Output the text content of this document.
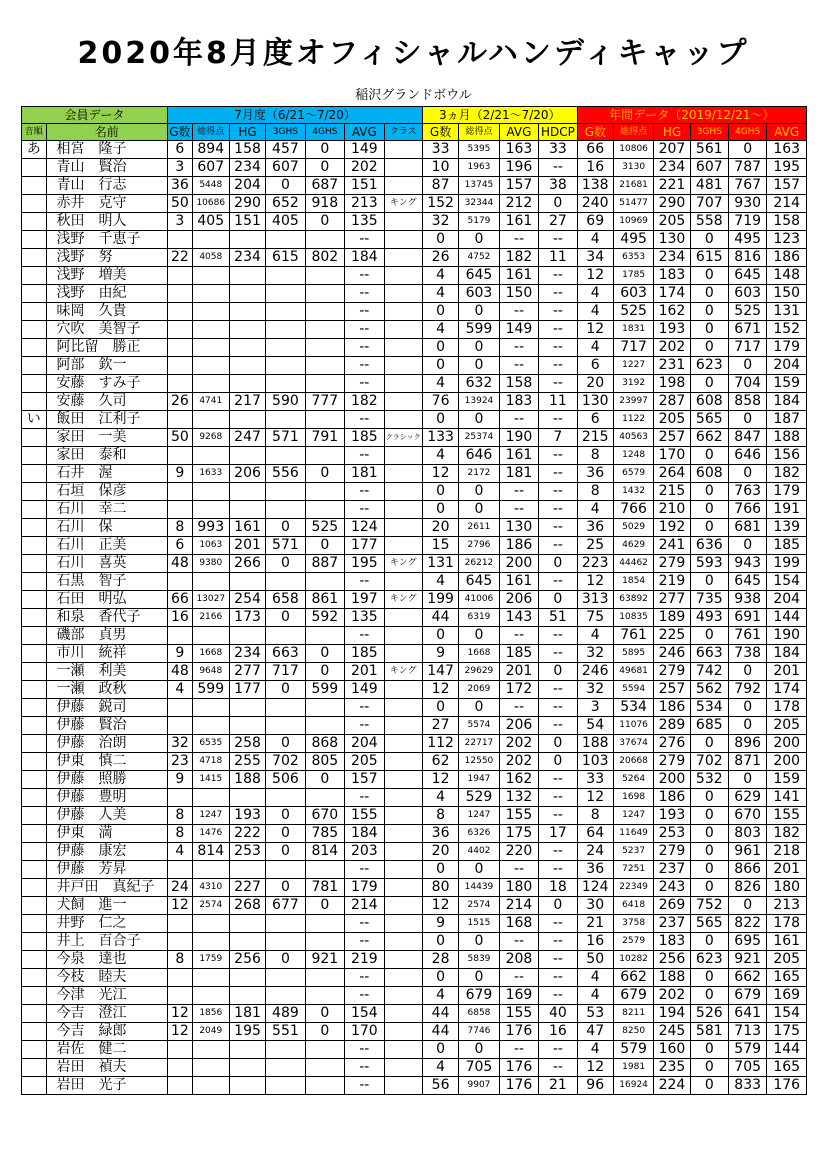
2020年8月度オフィシャルハンディキャップ
稲沢グランドボウル
会員データ		7月度（6/21～7/20）							3ヵ月（2/21～7/20）				年間データ（2019/12/21～）					
音順	名前	G数	総得点	HG	3GHS	4GHS	AVG	クラス	G数	総得点	AVG	HDCP	G数	総得点	HG	3GHS	4GHS	AVG
あ	相宮　隆子	6	894	158	457	0	149		33	5395	163	33	66	10806	207	561	0	163
	青山　賢治	3	607	234	607	0	202		10	1963	196	--	16	3130	234	607	787	195
	青山　行志	36	5448	204	0	687	151		87	13745	157	38	138	21681	221	481	767	157
	赤井　克守	50	10686	290	652	918	213	キング	152	32344	212	0	240	51477	290	707	930	214
	秋田　明人	3	405	151	405	0	135		32	5179	161	27	69	10969	205	558	719	158
	浅野　千恵子						--		0	0	--	--	4	495	130	0	495	123
	浅野　努	22	4058	234	615	802	184		26	4752	182	11	34	6353	234	615	816	186
	浅野　増美						--		4	645	161	--	12	1785	183	0	645	148
	浅野　由紀						--		4	603	150	--	4	603	174	0	603	150
	味岡　久貴						--		0	0	--	--	4	525	162	0	525	131
	穴吹　美智子						--		4	599	149	--	12	1831	193	0	671	152
	阿比留　勝正						--		0	0	--	--	4	717	202	0	717	179
	阿部　欽一						--		0	0	--	--	6	1227	231	623	0	204
	安藤　すみ子						--		4	632	158	--	20	3192	198	0	704	159
	安藤　久司	26	4741	217	590	777	182		76	13924	183	11	130	23997	287	608	858	184
い	飯田　江利子						--		0	0	--	--	6	1122	205	565	0	187
	家田　一美	50	9268	247	571	791	185	クラシック	133	25374	190	7	215	40563	257	662	847	188
	家田　泰和						--		4	646	161	--	8	1248	170	0	646	156
	石井　渥	9	1633	206	556	0	181		12	2172	181	--	36	6579	264	608	0	182
	石垣　保彦						--		0	0	--	--	8	1432	215	0	763	179
	石川　幸二						--		0	0	--	--	4	766	210	0	766	191
	石川　保	8	993	161	0	525	124		20	2611	130	--	36	5029	192	0	681	139
	石川　正美	6	1063	201	571	0	177		15	2796	186	--	25	4629	241	636	0	185
	石川　喜英	48	9380	266	0	887	195	キング	131	26212	200	0	223	44462	279	593	943	199
	石黒　智子						--		4	645	161	--	12	1854	219	0	645	154
	石田　明弘	66	13027	254	658	861	197	キング	199	41006	206	0	313	63892	277	735	938	204
	和泉　香代子	16	2166	173	0	592	135		44	6319	143	51	75	10835	189	493	691	144
	磯部　貞男						--		0	0	--	--	4	761	225	0	761	190
	市川　統祥	9	1668	234	663	0	185		9	1668	185	--	32	5895	246	663	738	184
	一瀬　利美	48	9648	277	717	0	201	キング	147	29629	201	0	246	49681	279	742	0	201
	一瀬　政秋	4	599	177	0	599	149		12	2069	172	--	32	5594	257	562	792	174
	伊藤　鋭司						--		0	0	--	--	3	534	186	534	0	178
	伊藤　賢治						--		27	5574	206	--	54	11076	289	685	0	205
	伊藤　治朗	32	6535	258	0	868	204		112	22717	202	0	188	37674	276	0	896	200
	伊東　慎二	23	4718	255	702	805	205		62	12550	202	0	103	20668	279	702	871	200
	伊藤　照勝	9	1415	188	506	0	157		12	1947	162	--	33	5264	200	532	0	159
	伊藤　豊明						--		4	529	132	--	12	1698	186	0	629	141
	伊藤　人美	8	1247	193	0	670	155		8	1247	155	--	8	1247	193	0	670	155
	伊東　満	8	1476	222	0	785	184		36	6326	175	17	64	11649	253	0	803	182
	伊藤　康宏	4	814	253	0	814	203		20	4402	220	--	24	5237	279	0	961	218
	伊藤　芳昇						--		0	0	--	--	36	7251	237	0	866	201
	井戸田　真紀子	24	4310	227	0	781	179		80	14439	180	18	124	22349	243	0	826	180
	犬飼　進一	12	2574	268	677	0	214		12	2574	214	0	30	6418	269	752	0	213
	井野　仁之						--		9	1515	168	--	21	3758	237	565	822	178
	井上　百合子						--		0	0	--	--	16	2579	183	0	695	161
	今泉　達也	8	1759	256	0	921	219		28	5839	208	--	50	10282	256	623	921	205
	今枝　睦夫						--		0	0	--	--	4	662	188	0	662	165
	今津　光江						--		4	679	169	--	4	679	202	0	679	169
	今吉　澄江	12	1856	181	489	0	154		44	6858	155	40	53	8211	194	526	641	154
	今吉　緑郎	12	2049	195	551	0	170		44	7746	176	16	47	8250	245	581	713	175
	岩佐　健二						--		0	0	--	--	4	579	160	0	579	144
	岩田　禎夫						--		4	705	176	--	12	1981	235	0	705	165
	岩田　光子						--		56	9907	176	21	96	16924	224	0	833	176
